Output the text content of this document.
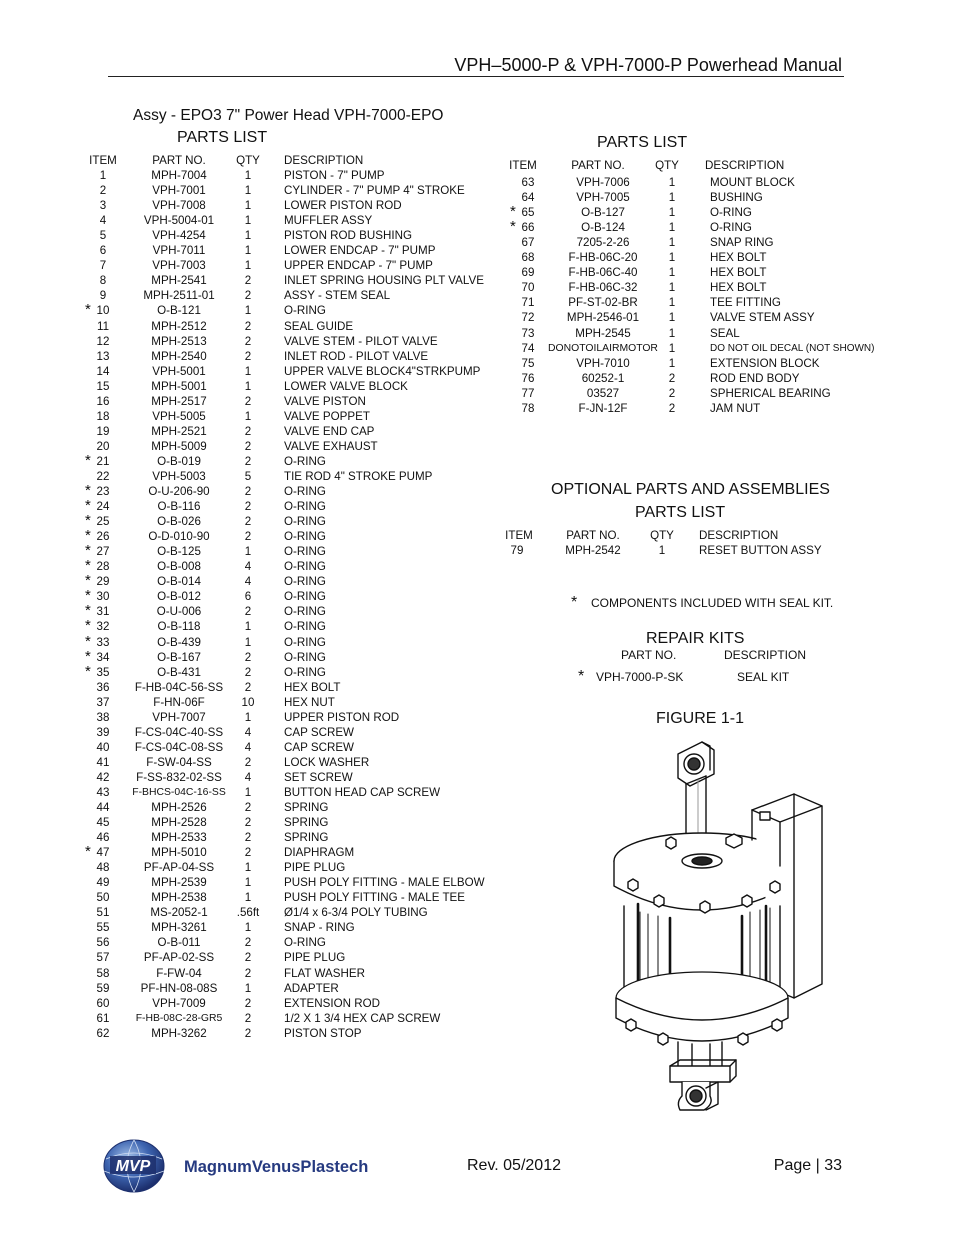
VPH–5000-P & VPH-7000-P Powerhead Manual
Assy - EPO3 7" Power Head VPH-7000-EPO
PARTS LIST
ITEM	PART NO.	QTY DESCRIPTION
1	MPH-7004	1	PISTON - 7" PUMP
2	VPH-7001	1	CYLINDER - 7" PUMP 4" STROKE
3	VPH-7008	1	LOWER PISTON ROD
4	VPH-5004-01	1	MUFFLER ASSY
5	VPH-4254	1	PISTON ROD BUSHING
6	VPH-7011	1	LOWER ENDCAP - 7" PUMP
7	VPH-7003	1	UPPER ENDCAP - 7" PUMP
8	MPH-2541	2	INLET SPRING HOUSING PLT VALVE
9	MPH-2511-01	2	ASSY - STEM SEAL
* 10	O-B-121	1	O-RING
11	MPH-2512	2	SEAL GUIDE
12	MPH-2513	2	VALVE STEM - PILOT VALVE
13	MPH-2540	2	INLET ROD - PILOT VALVE
14	VPH-5001	1	UPPER VALVE BLOCK4"STRKPUMP
15	MPH-5001	1	LOWER VALVE BLOCK
16	MPH-2517	2	VALVE PISTON
18	VPH-5005	1	VALVE POPPET
19	MPH-2521	2	VALVE END CAP
20	MPH-5009	2	VALVE EXHAUST
* 21	O-B-019	2	O-RING
22	VPH-5003	5	TIE ROD 4" STROKE PUMP
* 23	O-U-206-90	2	O-RING
* 24	O-B-116	2	O-RING
* 25	O-B-026	2	O-RING
* 26	O-D-010-90	2	O-RING
* 27	O-B-125	1	O-RING
* 28	O-B-008	4	O-RING
* 29	O-B-014	4	O-RING
* 30	O-B-012	6	O-RING
* 31	O-U-006	2	O-RING
* 32	O-B-118	1	O-RING
* 33	O-B-439	1	O-RING
* 34	O-B-167	2	O-RING
* 35	O-B-431	2	O-RING
36 F-HB-04C-56-SS 2	HEX BOLT
37	F-HN-06F	10	HEX NUT
38	VPH-7007	1	UPPER PISTON ROD
39 F-CS-04C-40-SS 4	CAP SCREW
40 F-CS-04C-08-SS 4	CAP SCREW
41	F-SW-04-SS	2	LOCK WASHER
42 F-SS-832-02-SS 4	SET SCREW
43 F-BHCS-04C-16-SS 1	BUTTON HEAD CAP SCREW
44	MPH-2526	2	SPRING
45	MPH-2528	2	SPRING
46	MPH-2533	2	SPRING
* 47	MPH-5010	2	DIAPHRAGM
48	PF-AP-04-SS	1	PIPE PLUG
49	MPH-2539	1	PUSH POLY FITTING - MALE ELBOW
50	MPH-2538	1	PUSH POLY FITTING - MALE TEE
51	MS-2052-1	.56ft Ø1/4 x 6-3/4 POLY TUBING
55	MPH-3261	1	SNAP - RING
56	O-B-011	2	O-RING
57	PF-AP-02-SS	2	PIPE PLUG
58	F-FW-04	2	FLAT WASHER
59	PF-HN-08-08S 1	ADAPTER
60	VPH-7009	2	EXTENSION ROD
61	F-HB-08C-28-GR5 2	1/2 X 1 3/4 HEX CAP SCREW
62	MPH-3262	2	PISTON STOP
PARTS LIST
ITEM	PART NO.	QTY DESCRIPTION
63	VPH-7006	1	MOUNT BLOCK
64	VPH-7005	1	BUSHING
* 65	O-B-127	1	O-RING
* 66	O-B-124	1	O-RING
67	7205-2-26	1	SNAP RING
68	F-HB-06C-20	1	HEX BOLT
69	F-HB-06C-40	1	HEX BOLT
70	F-HB-06C-32	1	HEX BOLT
71	PF-ST-02-BR	1	TEE FITTING
72	MPH-2546-01	1	VALVE STEM ASSY
73	MPH-2545	1	SEAL
74 DONOTOILAIRMOTOR 1	DO NOT OIL DECAL (NOT SHOWN)
75	VPH-7010	1	EXTENSION BLOCK
76	60252-1	2	ROD END BODY
77	03527	2	SPHERICAL BEARING
78	F-JN-12F	2	JAM NUT
OPTIONAL PARTS AND ASSEMBLIES
PARTS LIST
ITEM	PART NO.	QTY DESCRIPTION
79	MPH-2542	1	RESET BUTTON ASSY
* COMPONENTS INCLUDED WITH SEAL KIT.
REPAIR KITS
PART NO.	DESCRIPTION
* VPH-7000-P-SK	SEAL KIT
FIGURE 1-1
MVP MagnumVenusPlastech	Rev. 05/2012	Page | 33
